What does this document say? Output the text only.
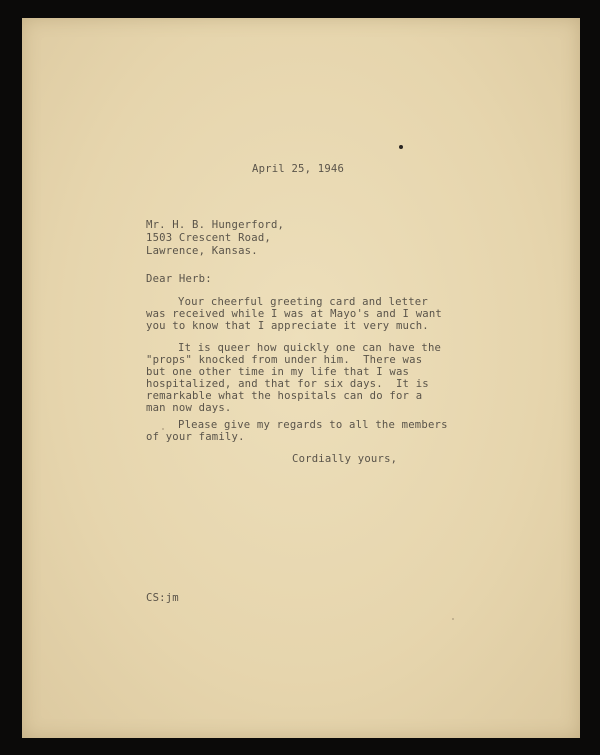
April 25, 1946
Mr. H. B. Hungerford,
1503 Crescent Road,
Lawrence, Kansas.
Dear Herb:
Your cheerful greeting card and letter
was received while I was at Mayo's and I want
you to know that I appreciate it very much.
It is queer how quickly one can have the
"props" knocked from under him.  There was
but one other time in my life that I was
hospitalized, and that for six days.  It is
remarkable what the hospitals can do for a
man now days.
Please give my regards to all the members
of your family.
Cordially yours,
CS:jm
